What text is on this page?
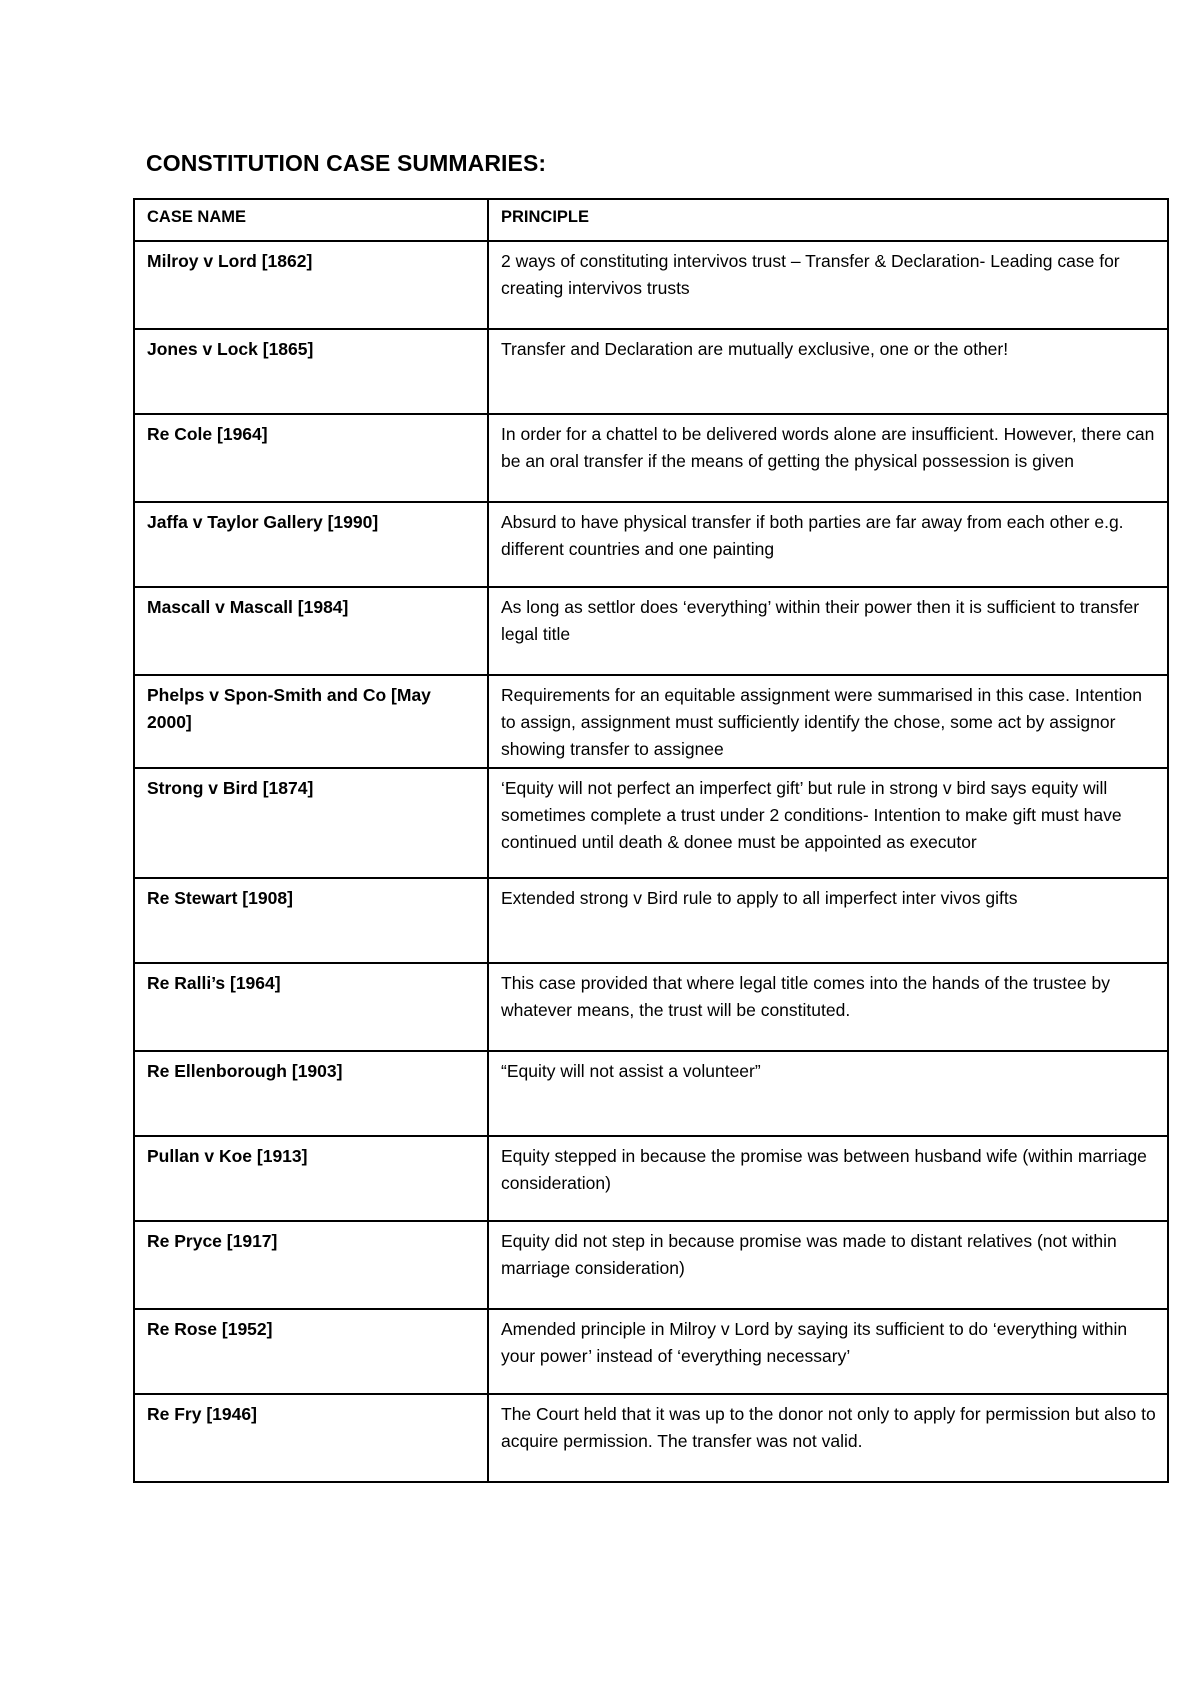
CONSTITUTION CASE SUMMARIES:
CASE NAME	PRINCIPLE
Milroy v Lord [1862]	2 ways of constituting intervivos trust – Transfer & Declaration- Leading case for creating intervivos trusts
Jones v Lock [1865]	Transfer and Declaration are mutually exclusive, one or the other!
Re Cole [1964]	In order for a chattel to be delivered words alone are insufficient. However, there can be an oral transfer if the means of getting the physical possession is given
Jaffa v Taylor Gallery [1990]	Absurd to have physical transfer if both parties are far away from each other e.g. different countries and one painting
Mascall v Mascall [1984]	As long as settlor does ‘everything’ within their power then it is sufficient to transfer legal title
Phelps v Spon-Smith and Co [May 2000]	Requirements for an equitable assignment were summarised in this case. Intention to assign, assignment must sufficiently identify the chose, some act by assignor showing transfer to assignee
Strong v Bird [1874]	‘Equity will not perfect an imperfect gift’ but rule in strong v bird says equity will sometimes complete a trust under 2 conditions- Intention to make gift must have continued until death & donee must be appointed as executor
Re Stewart [1908]	Extended strong v Bird rule to apply to all imperfect inter vivos gifts
Re Ralli’s [1964]	This case provided that where legal title comes into the hands of the trustee by whatever means, the trust will be constituted.
Re Ellenborough [1903]	“Equity will not assist a volunteer”
Pullan v Koe [1913]	Equity stepped in because the promise was between husband wife (within marriage consideration)
Re Pryce [1917]	Equity did not step in because promise was made to distant relatives (not within marriage consideration)
Re Rose [1952]	Amended principle in Milroy v Lord by saying its sufficient to do ‘everything within your power’ instead of ‘everything necessary’
Re Fry [1946]	The Court held that it was up to the donor not only to apply for permission but also to acquire permission. The transfer was not valid.
